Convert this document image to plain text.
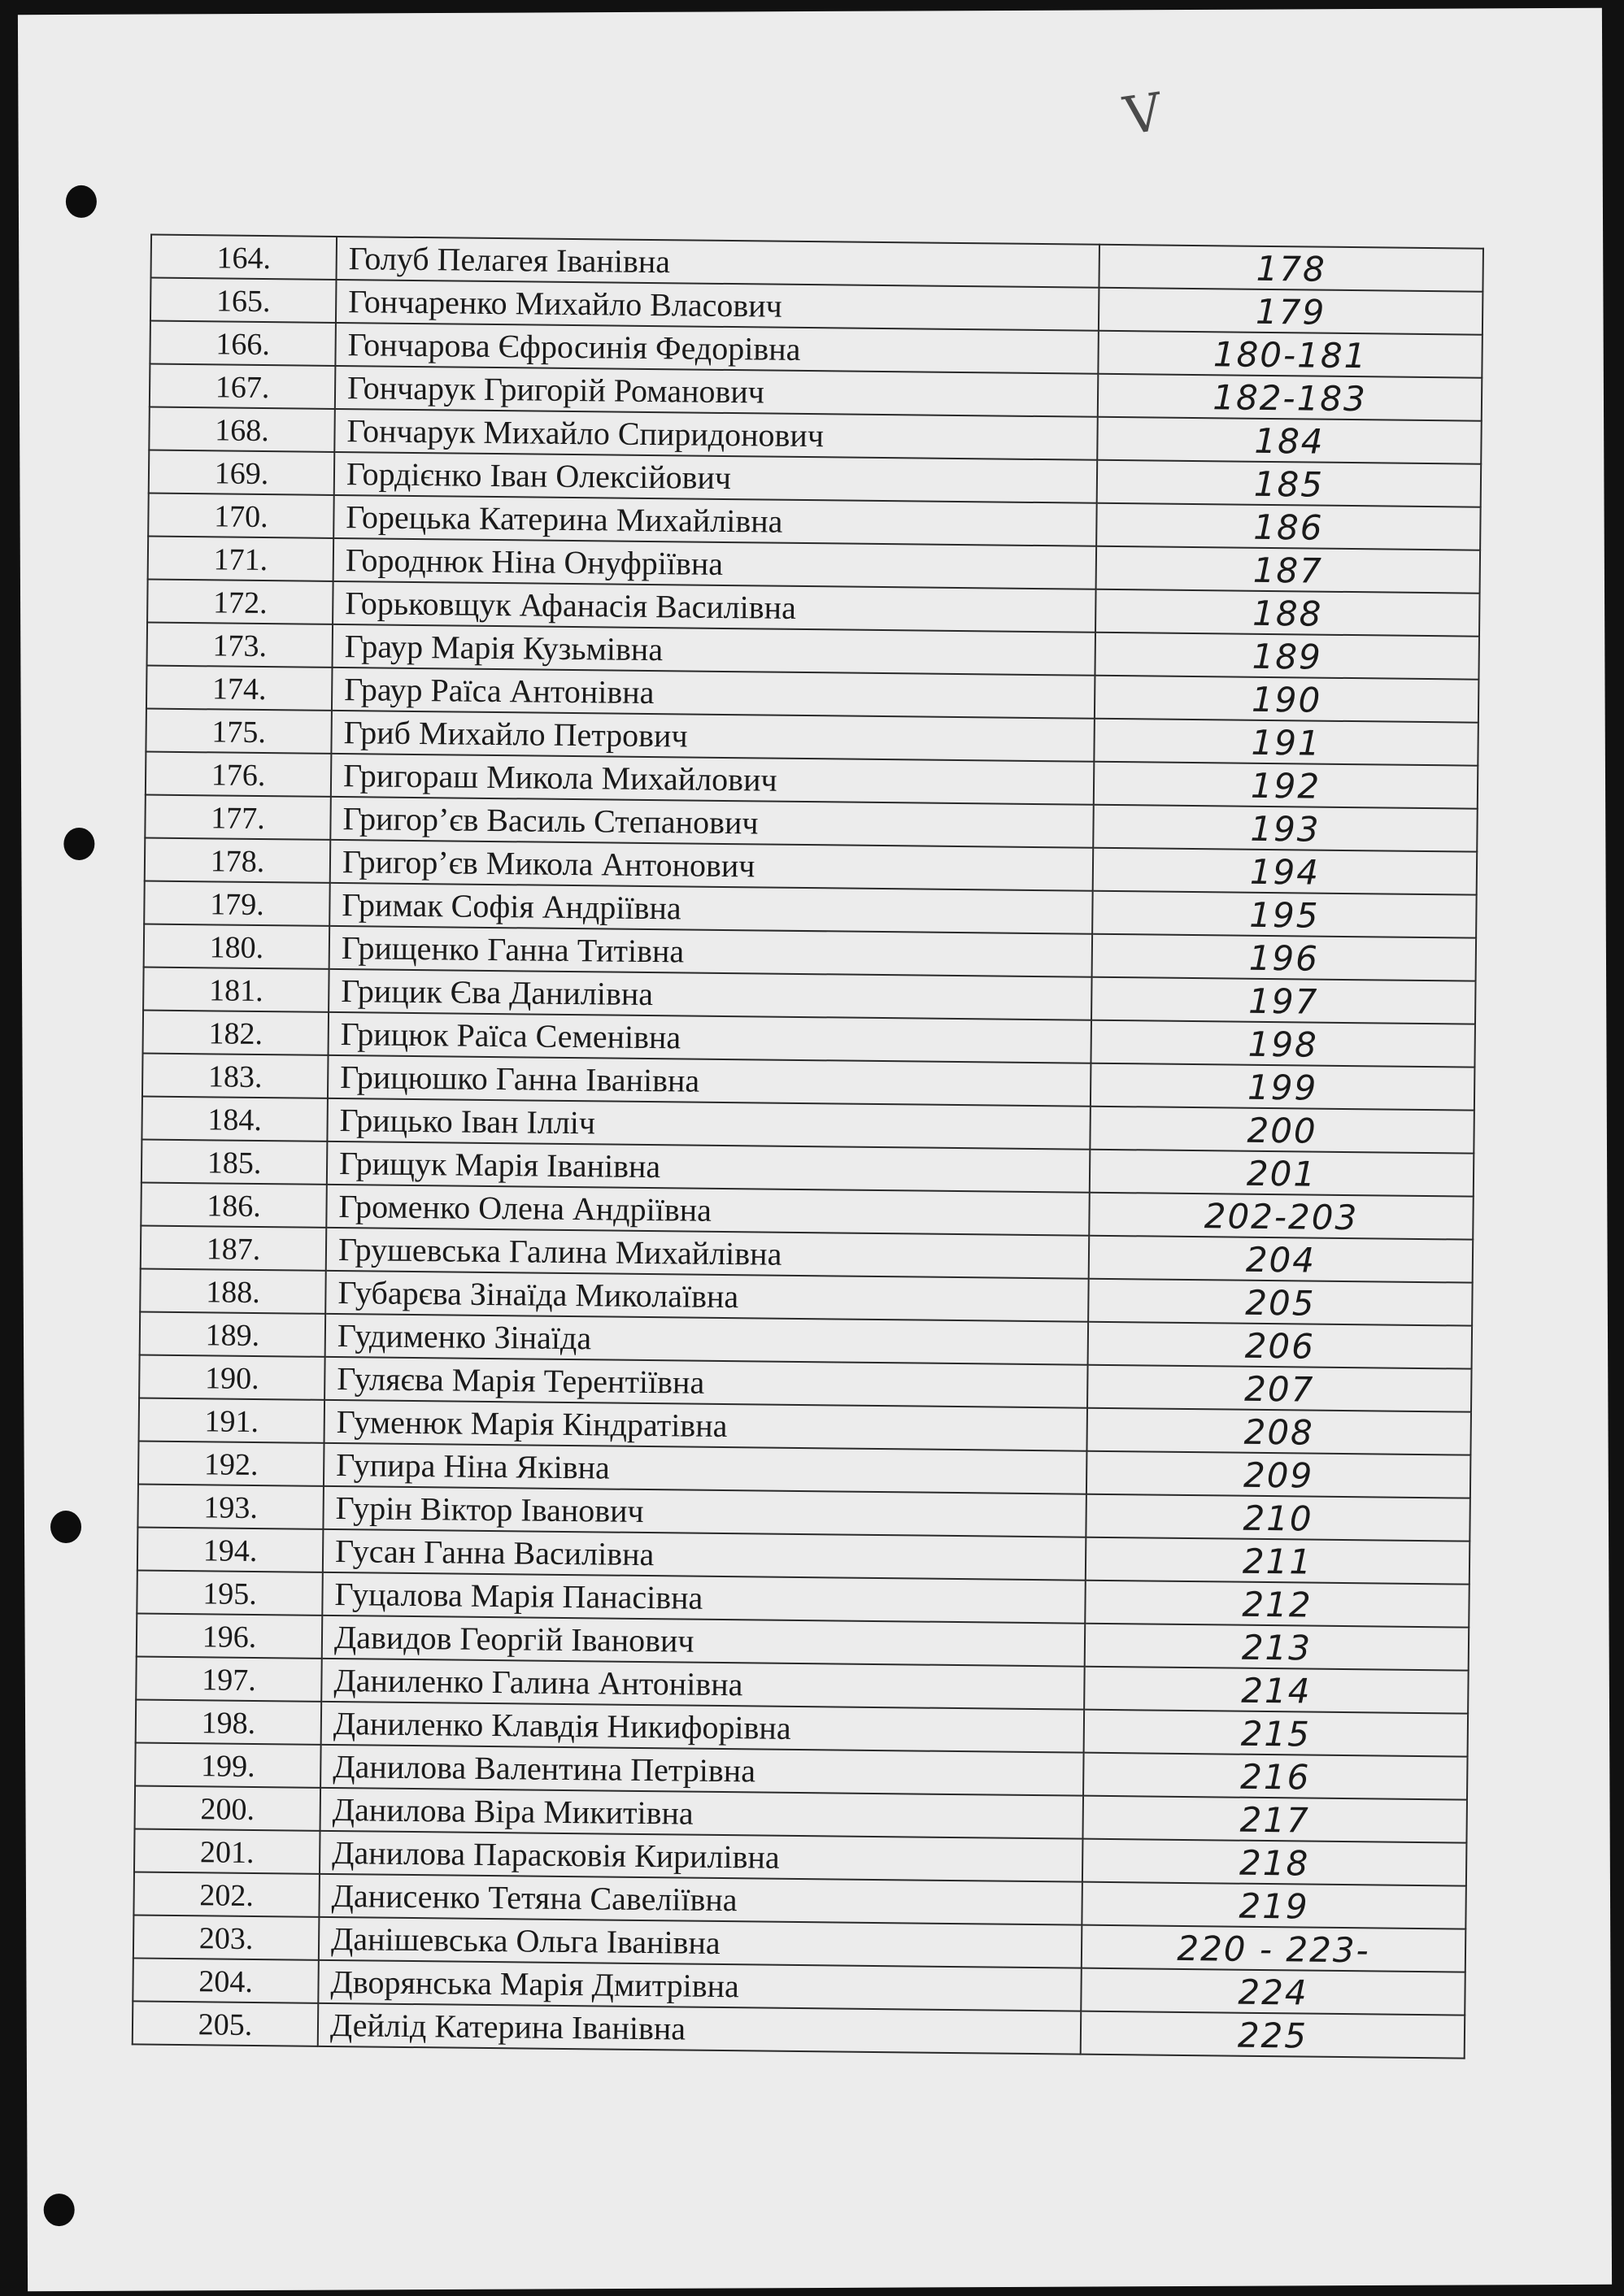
V
164.	Голуб Пелагея Іванівна	178
165.	Гончаренко Михайло Власович	179
166.	Гончарова Єфросинія Федорівна	180-181
167.	Гончарук Григорій Романович	182-183
168.	Гончарук Михайло Спиридонович	184
169.	Гордієнко Іван Олексійович	185
170.	Горецька Катерина Михайлівна	186
171.	Городнюк Ніна Онуфріївна	187
172.	Горьковщук Афанасія Василівна	188
173.	Граур Марія Кузьмівна	189
174.	Граур Раїса Антонівна	190
175.	Гриб Михайло Петрович	191
176.	Григораш Микола Михайлович	192
177.	Григор’єв Василь Степанович	193
178.	Григор’єв Микола Антонович	194
179.	Гримак Софія Андріївна	195
180.	Грищенко Ганна Титівна	196
181.	Грицик Єва Данилівна	197
182.	Грицюк Раїса Семенівна	198
183.	Грицюшко Ганна Іванівна	199
184.	Грицько Іван Ілліч	200
185.	Грищук Марія Іванівна	201
186.	Громенко Олена Андріївна	202-203
187.	Грушевська Галина Михайлівна	204
188.	Губарєва Зінаїда Миколаївна	205
189.	Гудименко Зінаїда	206
190.	Гуляєва Марія Терентіївна	207
191.	Гуменюк Марія Кіндратівна	208
192.	Гупира Ніна Яківна	209
193.	Гурін Віктор Іванович	210
194.	Гусан Ганна Василівна	211
195.	Гуцалова Марія Панасівна	212
196.	Давидов Георгій Іванович	213
197.	Даниленко Галина Антонівна	214
198.	Даниленко Клавдія Никифорівна	215
199.	Данилова Валентина Петрівна	216
200.	Данилова Віра Микитівна	217
201.	Данилова Парасковія Кирилівна	218
202.	Данисенко Тетяна Савеліївна	219
203.	Данішевська Ольга Іванівна	220 - 223-
204.	Дворянська Марія Дмитрівна	224
205.	Дейлід Катерина Іванівна	225
